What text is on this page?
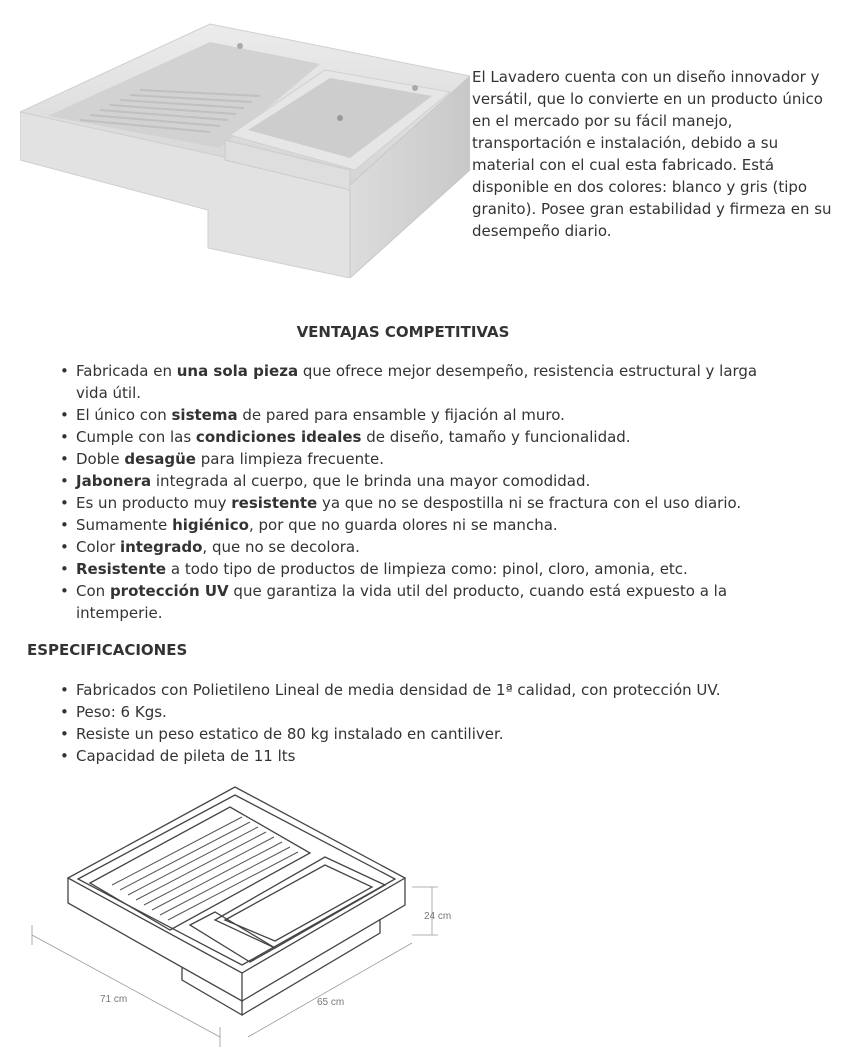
El Lavadero cuenta con un diseño innovador y versátil, que lo convierte en un producto único en el mercado por su fácil manejo, transportación e instalación, debido a su material con el cual esta fabricado. Está disponible en dos colores: blanco y gris (tipo granito). Posee gran estabilidad y firmeza en su desempeño diario.
VENTAJAS COMPETITIVAS
• Fabricada en una sola pieza que ofrece mejor desempeño, resistencia estructural y larga vida útil.
• El único con sistema de pared para ensamble y fijación al muro.
• Cumple con las condiciones ideales de diseño, tamaño y funcionalidad.
• Doble desagüe para limpieza frecuente.
• Jabonera integrada al cuerpo, que le brinda una mayor comodidad.
• Es un producto muy resistente ya que no se despostilla ni se fractura con el uso diario.
• Sumamente higiénico, por que no guarda olores ni se mancha.
• Color integrado, que no se decolora.
• Resistente a todo tipo de productos de limpieza como: pinol, cloro, amonia, etc.
• Con protección UV que garantiza la vida util del producto, cuando está expuesto a la intemperie.
ESPECIFICACIONES
• Fabricados con Polietileno Lineal de media densidad de 1ª calidad, con protección UV.
• Peso: 6 Kgs.
• Resiste un peso estatico de 80 kg instalado en cantiliver.
• Capacidad de pileta de 11 lts
71 cm	65 cm
24 cm
